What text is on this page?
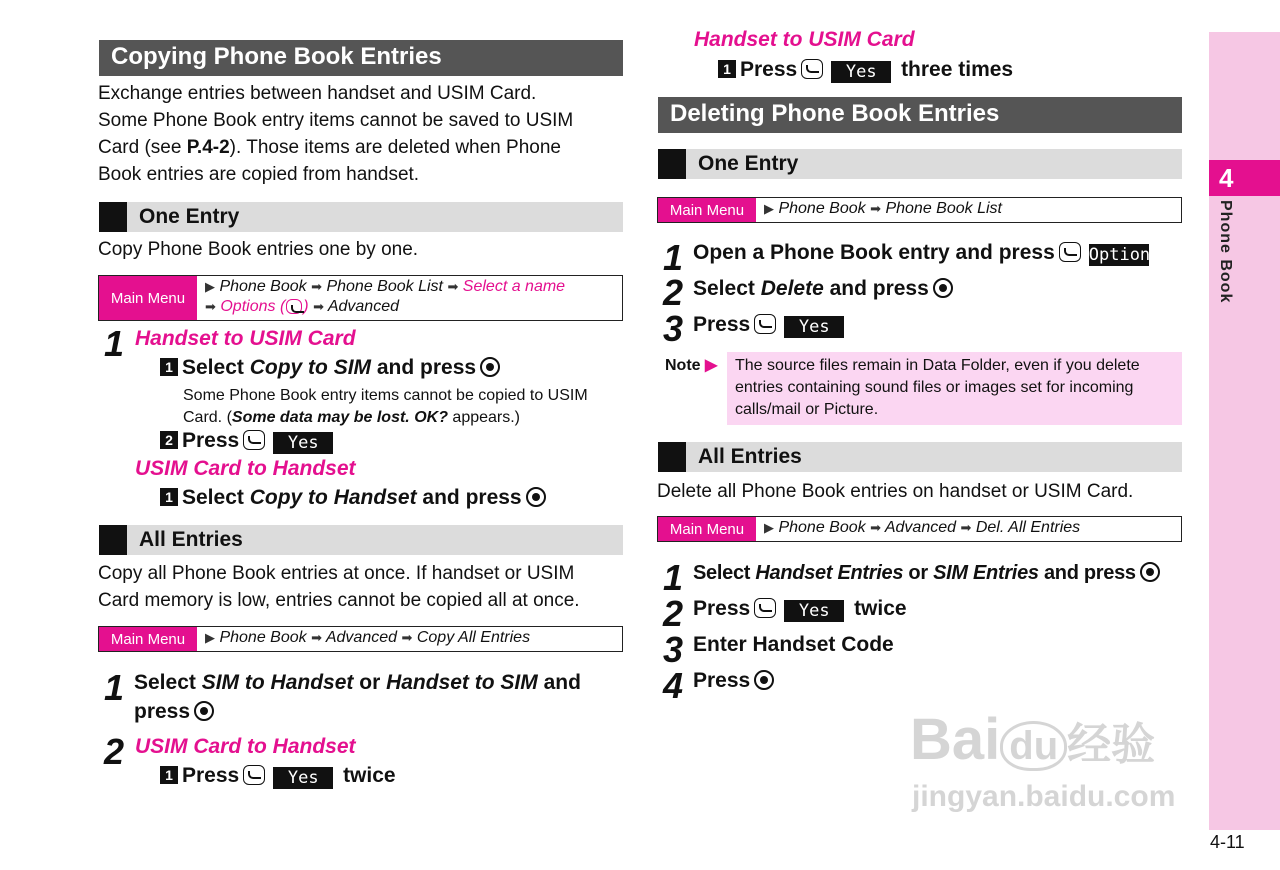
Copying Phone Book Entries
Exchange entries between handset and USIM Card.
Some Phone Book entry items cannot be saved to USIM
Card (see P.4-2). Those items are deleted when Phone
Book entries are copied from handset.
One Entry
Copy Phone Book entries one by one.
Main Menu
▶ Phone Book ➡ Phone Book List ➡ Select a name
➡ Options ( ) ➡ Advanced
1 Handset to USIM Card
1 Select Copy to SIM and press
Some Phone Book entry items cannot be copied to USIM
Card. (Some data may be lost. OK? appears.)
2 Press	Yes
USIM Card to Handset
1 Select Copy to Handset and press
All Entries
Copy all Phone Book entries at once. If handset or USIM
Card memory is low, entries cannot be copied all at once.
Main Menu	▶ Phone Book ➡ Advanced ➡ Copy All Entries
1 Select SIM to Handset or Handset to SIM and
press
2 USIM Card to Handset
1 Press	Yes twice
Handset to USIM Card
1 Press	Yes three times
Deleting Phone Book Entries
One Entry
Main Menu	▶ Phone Book ➡ Phone Book List
1 Open a Phone Book entry and press Options
2 Select Delete and press
3 Press	Yes
Note ▶ The source files remain in Data Folder, even if you delete
entries containing sound files or images set for incoming
calls/mail or Picture.
All Entries
Delete all Phone Book entries on handset or USIM Card.
Main Menu	▶ Phone Book ➡ Advanced ➡ Del. All Entries
1 Select Handset Entries or SIM Entries and press
2 Press	Yes twice
3 Enter Handset Code
4 Press
Bai du 经验
jingyan.baidu.com
4
Phone Book
4-11
